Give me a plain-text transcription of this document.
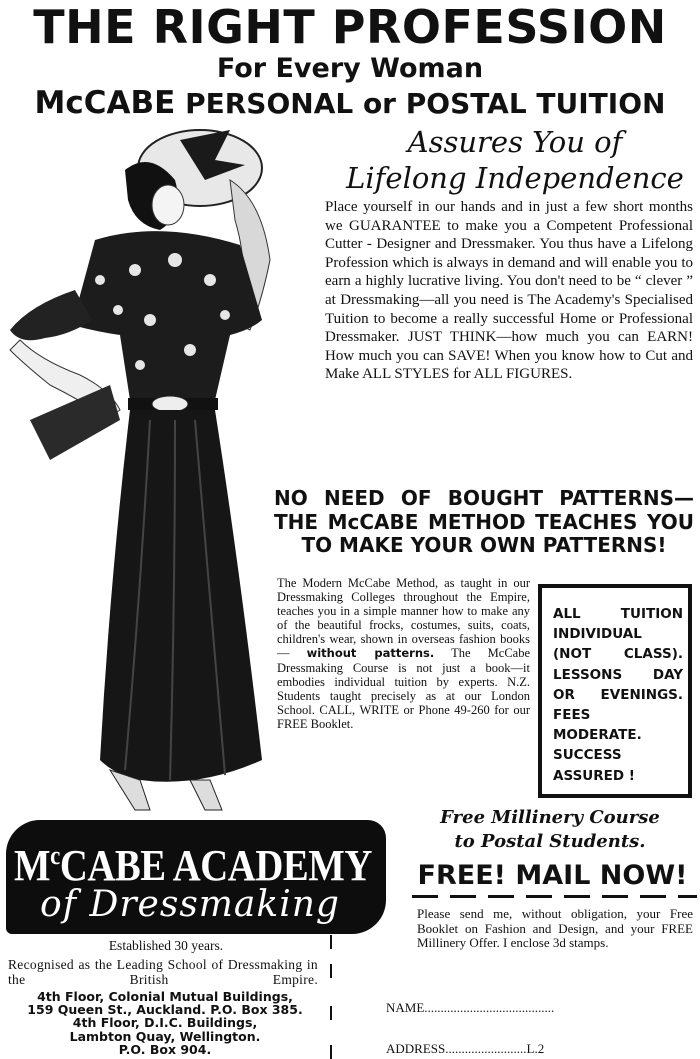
THE RIGHT PROFESSION
For Every Woman
McCABE PERSONAL or POSTAL TUITION
Assures You of
Lifelong Independence
Place yourself in our hands and in just a few short months we GUARANTEE to make you a Competent Professional Cutter - Designer and Dressmaker. You thus have a Lifelong Profession which is always in demand and will enable you to earn a highly lucrative living. You don't need to be “ clever ” at Dressmaking—all you need is The Academy's Specialised Tuition to become a really successful Home or Professional Dressmaker. JUST THINK—how much you can EARN! How much you can SAVE! When you know how to Cut and Make ALL STYLES for ALL FIGURES.
NO NEED OF BOUGHT PATTERNS— THE McCABE METHOD TEACHES YOU TO MAKE YOUR OWN PATTERNS!
The Modern McCabe Method, as taught in our Dressmaking Colleges throughout the Empire, teaches you in a simple manner how to make any of the beautiful frocks, costumes, suits, coats, children's wear, shown in overseas fashion books — without patterns. The McCabe Dressmaking Course is not just a book—it embodies individual tuition by experts. N.Z. Students taught precisely as at our London School. CALL, WRITE or Phone 49-260 for our FREE Booklet.
ALL TUITION INDIVIDUAL (NOT CLASS). LESSONS DAY OR EVENINGS. FEES MODERATE. SUCCESS ASSURED !
Free Millinery Course
to Postal Students.
FREE! MAIL NOW!
Please send me, without obligation, your Free Booklet on Fashion and Design, and your FREE Millinery Offer. I enclose 3d stamps.
NAME........................................
ADDRESS.........................L.2
$M^cCABE$ ACADEMY
of Dressmaking
Established 30 years.
Recognised as the Leading School of Dressmaking in the British Empire.
4th Floor, Colonial Mutual Buildings,
159 Queen St., Auckland. P.O. Box 385.
4th Floor, D.I.C. Buildings,
Lambton Quay, Wellington.
P.O. Box 904.
